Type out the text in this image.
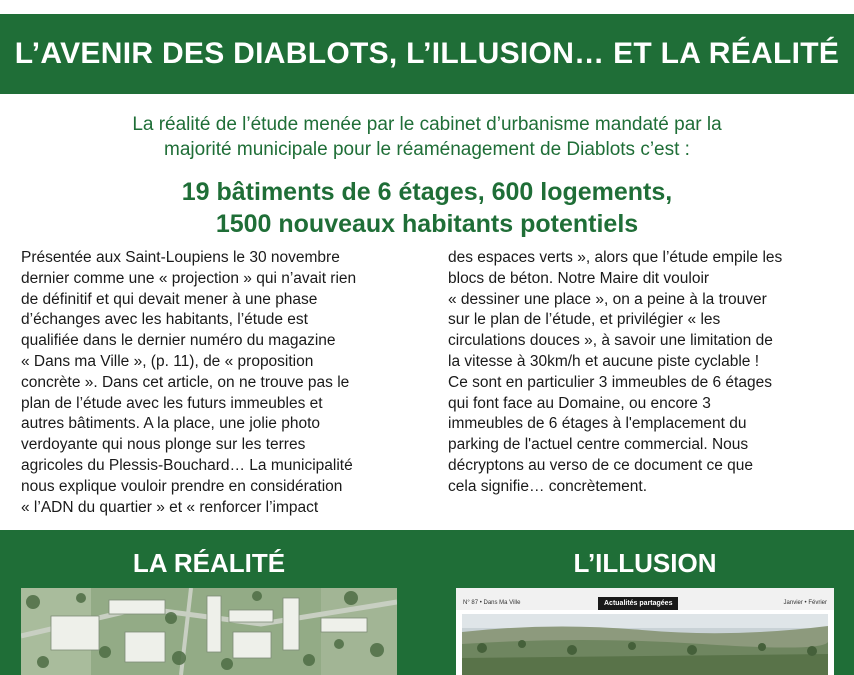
L’AVENIR DES DIABLOTS, L’ILLUSION… ET LA RÉALITÉ
La réalité de l’étude menée par le cabinet d’urbanisme mandaté par la
majorité municipale pour le réaménagement de Diablots c’est :
19 bâtiments de 6 étages, 600 logements,
1500 nouveaux habitants potentiels
Présentée aux Saint-Loupiens le 30 novembre
dernier comme une « projection » qui n’avait rien
de définitif et qui devait mener à une phase
d’échanges avec les habitants, l’étude est
qualifiée dans le dernier numéro du magazine
« Dans ma Ville », (p. 11), de « proposition
concrète ». Dans cet article, on ne trouve pas le
plan de l’étude avec les futurs immeubles et
autres bâtiments. A la place, une jolie photo
verdoyante qui nous plonge sur les terres
agricoles du Plessis-Bouchard… La municipalité
nous explique vouloir prendre en considération
« l’ADN du quartier » et « renforcer l’impact
des espaces verts », alors que l’étude empile les
blocs de béton. Notre Maire dit vouloir
« dessiner une place », on a peine à la trouver
sur le plan de l’étude, et privilégier « les
circulations douces », à savoir une limitation de
la vitesse à 30km/h et aucune piste cyclable !
Ce sont en particulier 3 immeubles de 6 étages
qui font face au Domaine, ou encore 3
immeubles de 6 étages à l'emplacement du
parking de l'actuel centre commercial. Nous
décryptons au verso de ce document ce que
cela signifie… concrètement.
LA RÉALITÉ	L’ILLUSION
N° 87 • Dans Ma Ville	Actualités partagées	Janvier • Février
